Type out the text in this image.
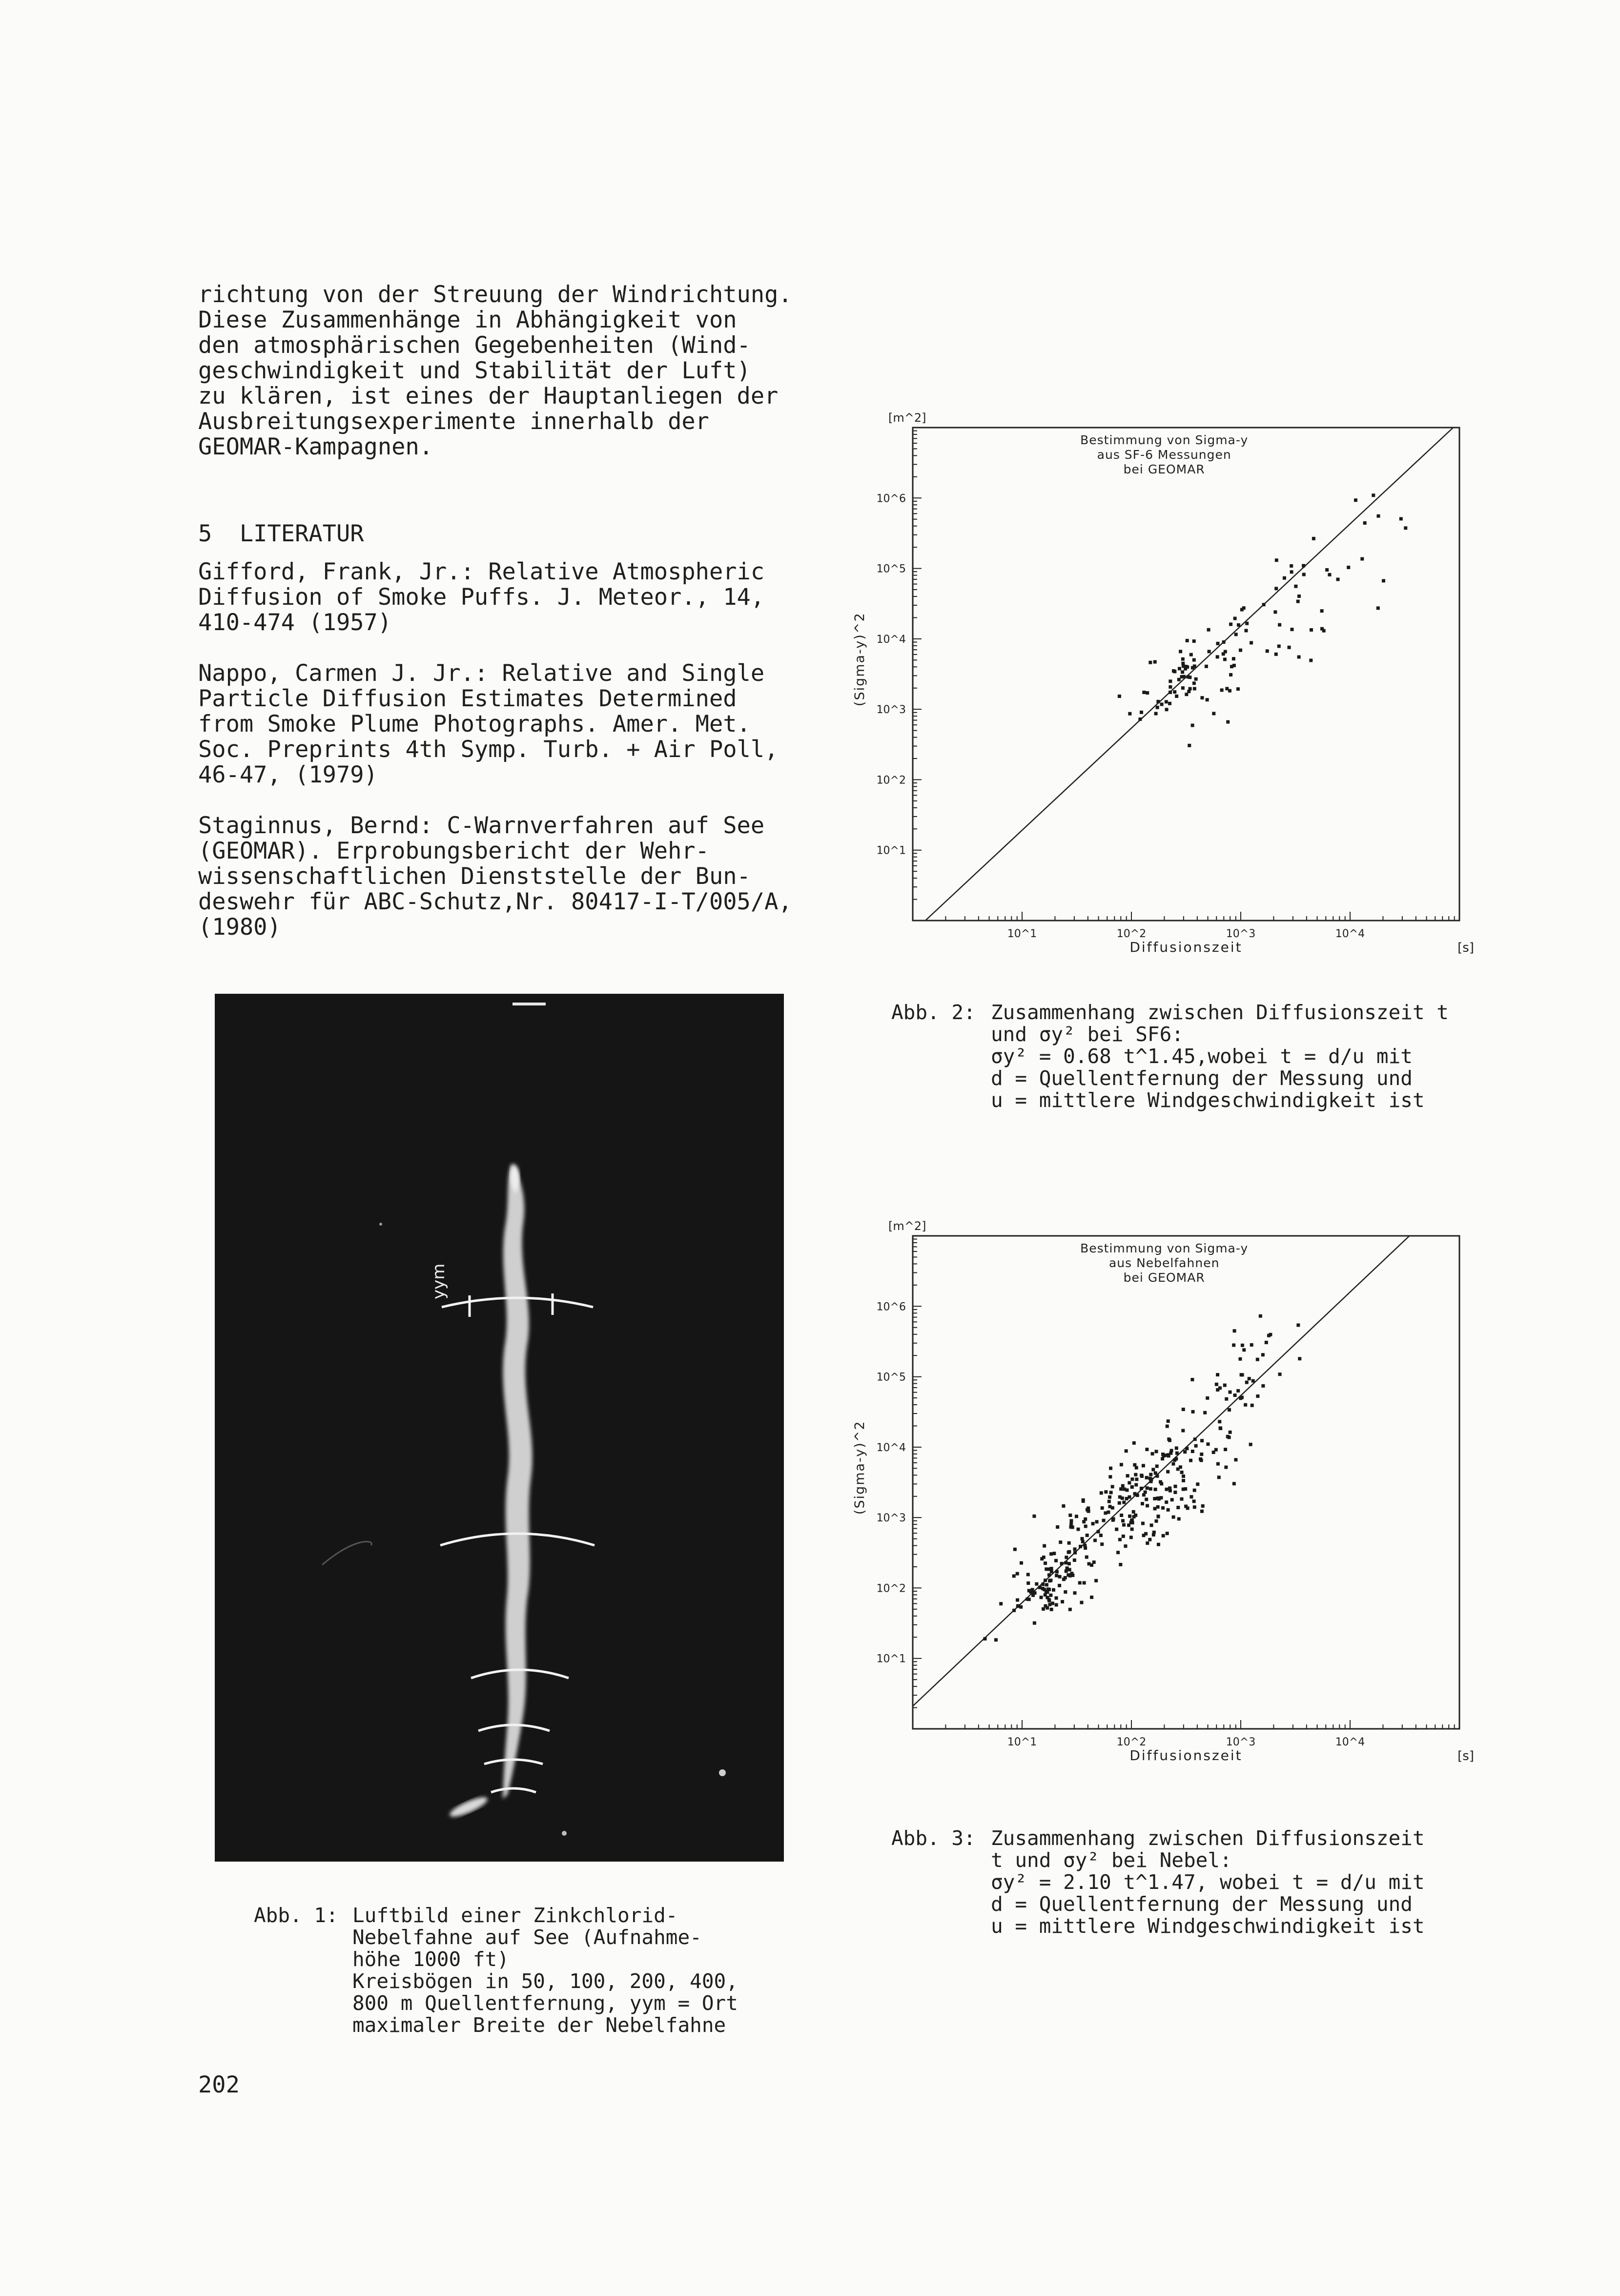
richtung von der Streuung der Windrichtung.
Diese Zusammenhänge in Abhängigkeit von
den atmosphärischen Gegebenheiten (Wind-
geschwindigkeit und Stabilität der Luft)
zu klären, ist eines der Hauptanliegen der
Ausbreitungsexperimente innerhalb der
GEOMAR-Kampagnen.
5  LITERATUR
Gifford, Frank, Jr.: Relative Atmospheric
Diffusion of Smoke Puffs. J. Meteor., 14,
410-474 (1957)
Nappo, Carmen J. Jr.: Relative and Single
Particle Diffusion Estimates Determined
from Smoke Plume Photographs. Amer. Met.
Soc. Preprints 4th Symp. Turb. + Air Poll,
46-47, (1979)
Staginnus, Bernd: C-Warnverfahren auf See
(GEOMAR). Erprobungsbericht der Wehr-
wissenschaftlichen Dienststelle der Bun-
deswehr für ABC-Schutz,Nr. 80417-I-T/005/A,
(1980)
202
yym
Abb. 1: Luftbild einer Zinkchlorid-
Nebelfahne auf See (Aufnahme-
höhe 1000 ft)
Kreisbögen in 50, 100, 200, 400,
800 m Quellentfernung, yym = Ort
maximaler Breite der Nebelfahne
Abb. 2: Zusammenhang zwischen Diffusionszeit t
und σy² bei SF6:
σy² = 0.68 t^1.45,wobei t = d/u mit
d = Quellentfernung der Messung und
u = mittlere Windgeschwindigkeit ist
Abb. 3: Zusammenhang zwischen Diffusionszeit
t und σy² bei Nebel:
σy² = 2.10 t^1.47, wobei t = d/u mit
d = Quellentfernung der Messung und
u = mittlere Windgeschwindigkeit ist
10^1
10^2
10^3
10^4
10^5
10^6
10^1	10^2	10^3	10^4
Diffusionszeit	[s]
[m^2]
(Sigma-y)^2
Bestimmung von Sigma-y aus SF-6 Messungen bei GEOMAR
10^1
10^2
10^3
10^4
10^5
10^6
10^1	10^2	10^3	10^4
Diffusionszeit	[s]
[m^2]
(Sigma-y)^2
Bestimmung von Sigma-y aus Nebelfahnen bei GEOMAR
